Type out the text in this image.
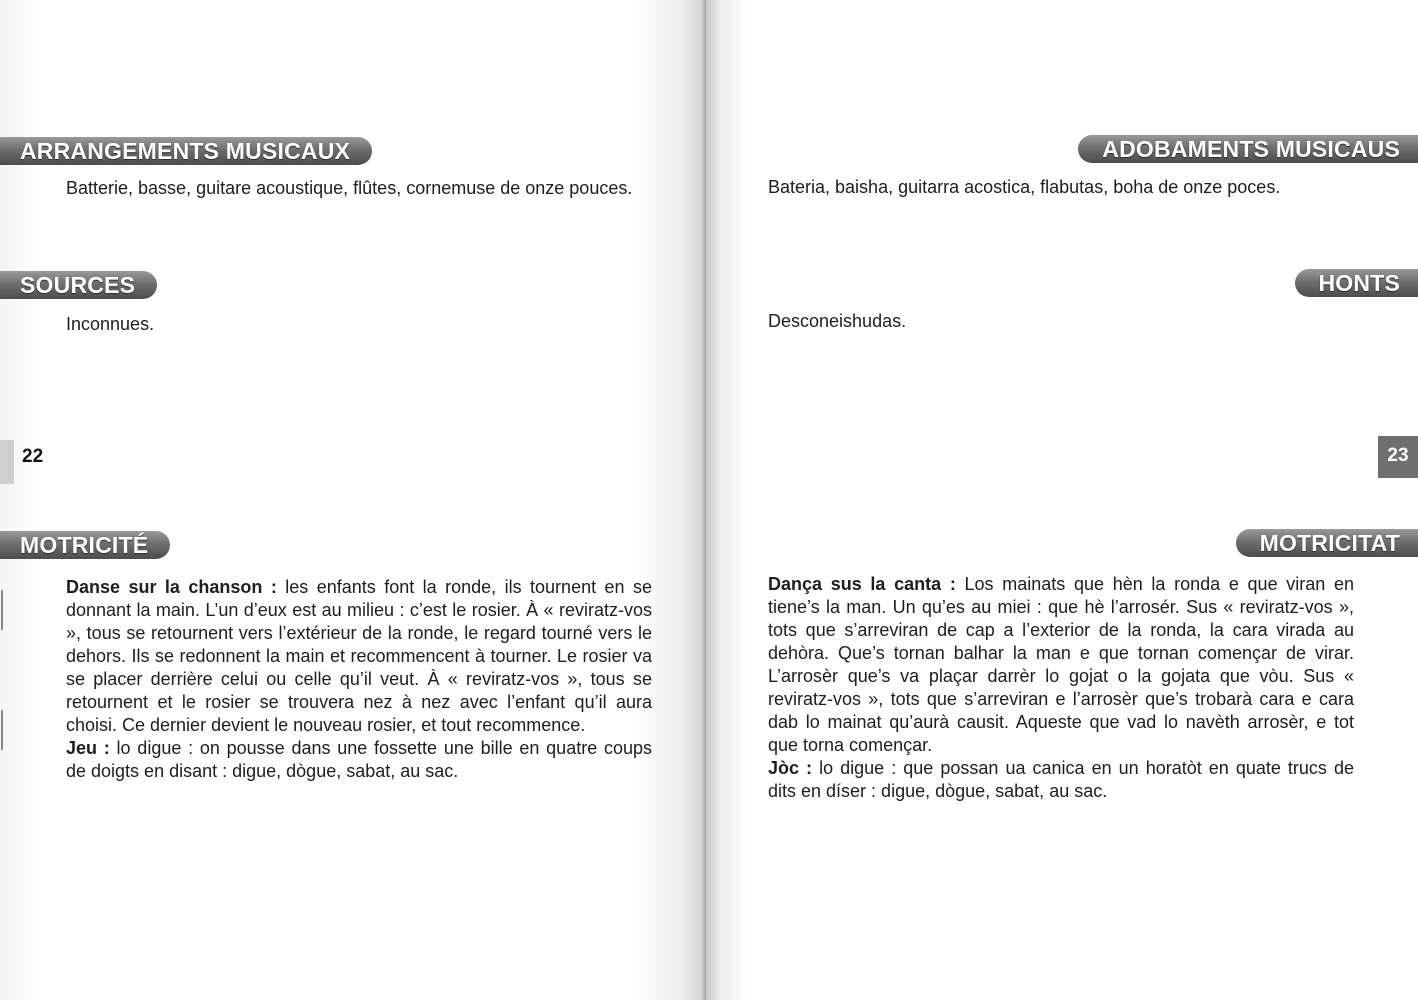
ARRANGEMENTS MUSICAUX
Batterie, basse, guitare acoustique, flûtes, cornemuse de onze pouces.
SOURCES
Inconnues.
22
MOTRICITÉ
Danse sur la chanson : les enfants font la ronde, ils tournent en se donnant la main. L’un d’eux est au milieu : c’est le rosier. À « reviratz-vos », tous se retournent vers l’extérieur de la ronde, le regard tourné vers le dehors. Ils se redonnent la main et recommencent à tourner. Le rosier va se placer derrière celui ou celle qu’il veut. À « reviratz-vos », tous se retournent et le rosier se trouvera nez à nez avec l’enfant qu’il aura choisi. Ce dernier devient le nouveau rosier, et tout recommence.
Jeu : lo digue : on pousse dans une fossette une bille en quatre coups de doigts en disant : digue, dògue, sabat, au sac.
ADOBAMENTS MUSICAUS
Bateria, baisha, guitarra acostica, flabutas, boha de onze poces.
HONTS
Desconeishudas.
23
MOTRICITAT
Dança sus la canta : Los mainats que hèn la ronda e que viran en tiene’s la man. Un qu’es au miei : que hè l’arrosér. Sus « reviratz-vos », tots que s’arreviran de cap a l’exterior de la ronda, la cara virada au dehòra. Que’s tornan balhar la man e que tornan començar de virar. L’arrosèr que’s va plaçar darrèr lo gojat o la gojata que vòu. Sus « reviratz-vos », tots que s’arreviran e l’arrosèr que’s trobarà cara e cara dab lo mainat qu’aurà causit. Aqueste que vad lo navèth arrosèr, e tot que torna començar.
Jòc : lo digue : que possan ua canica en un horatòt en quate trucs de dits en díser : digue, dògue, sabat, au sac.
